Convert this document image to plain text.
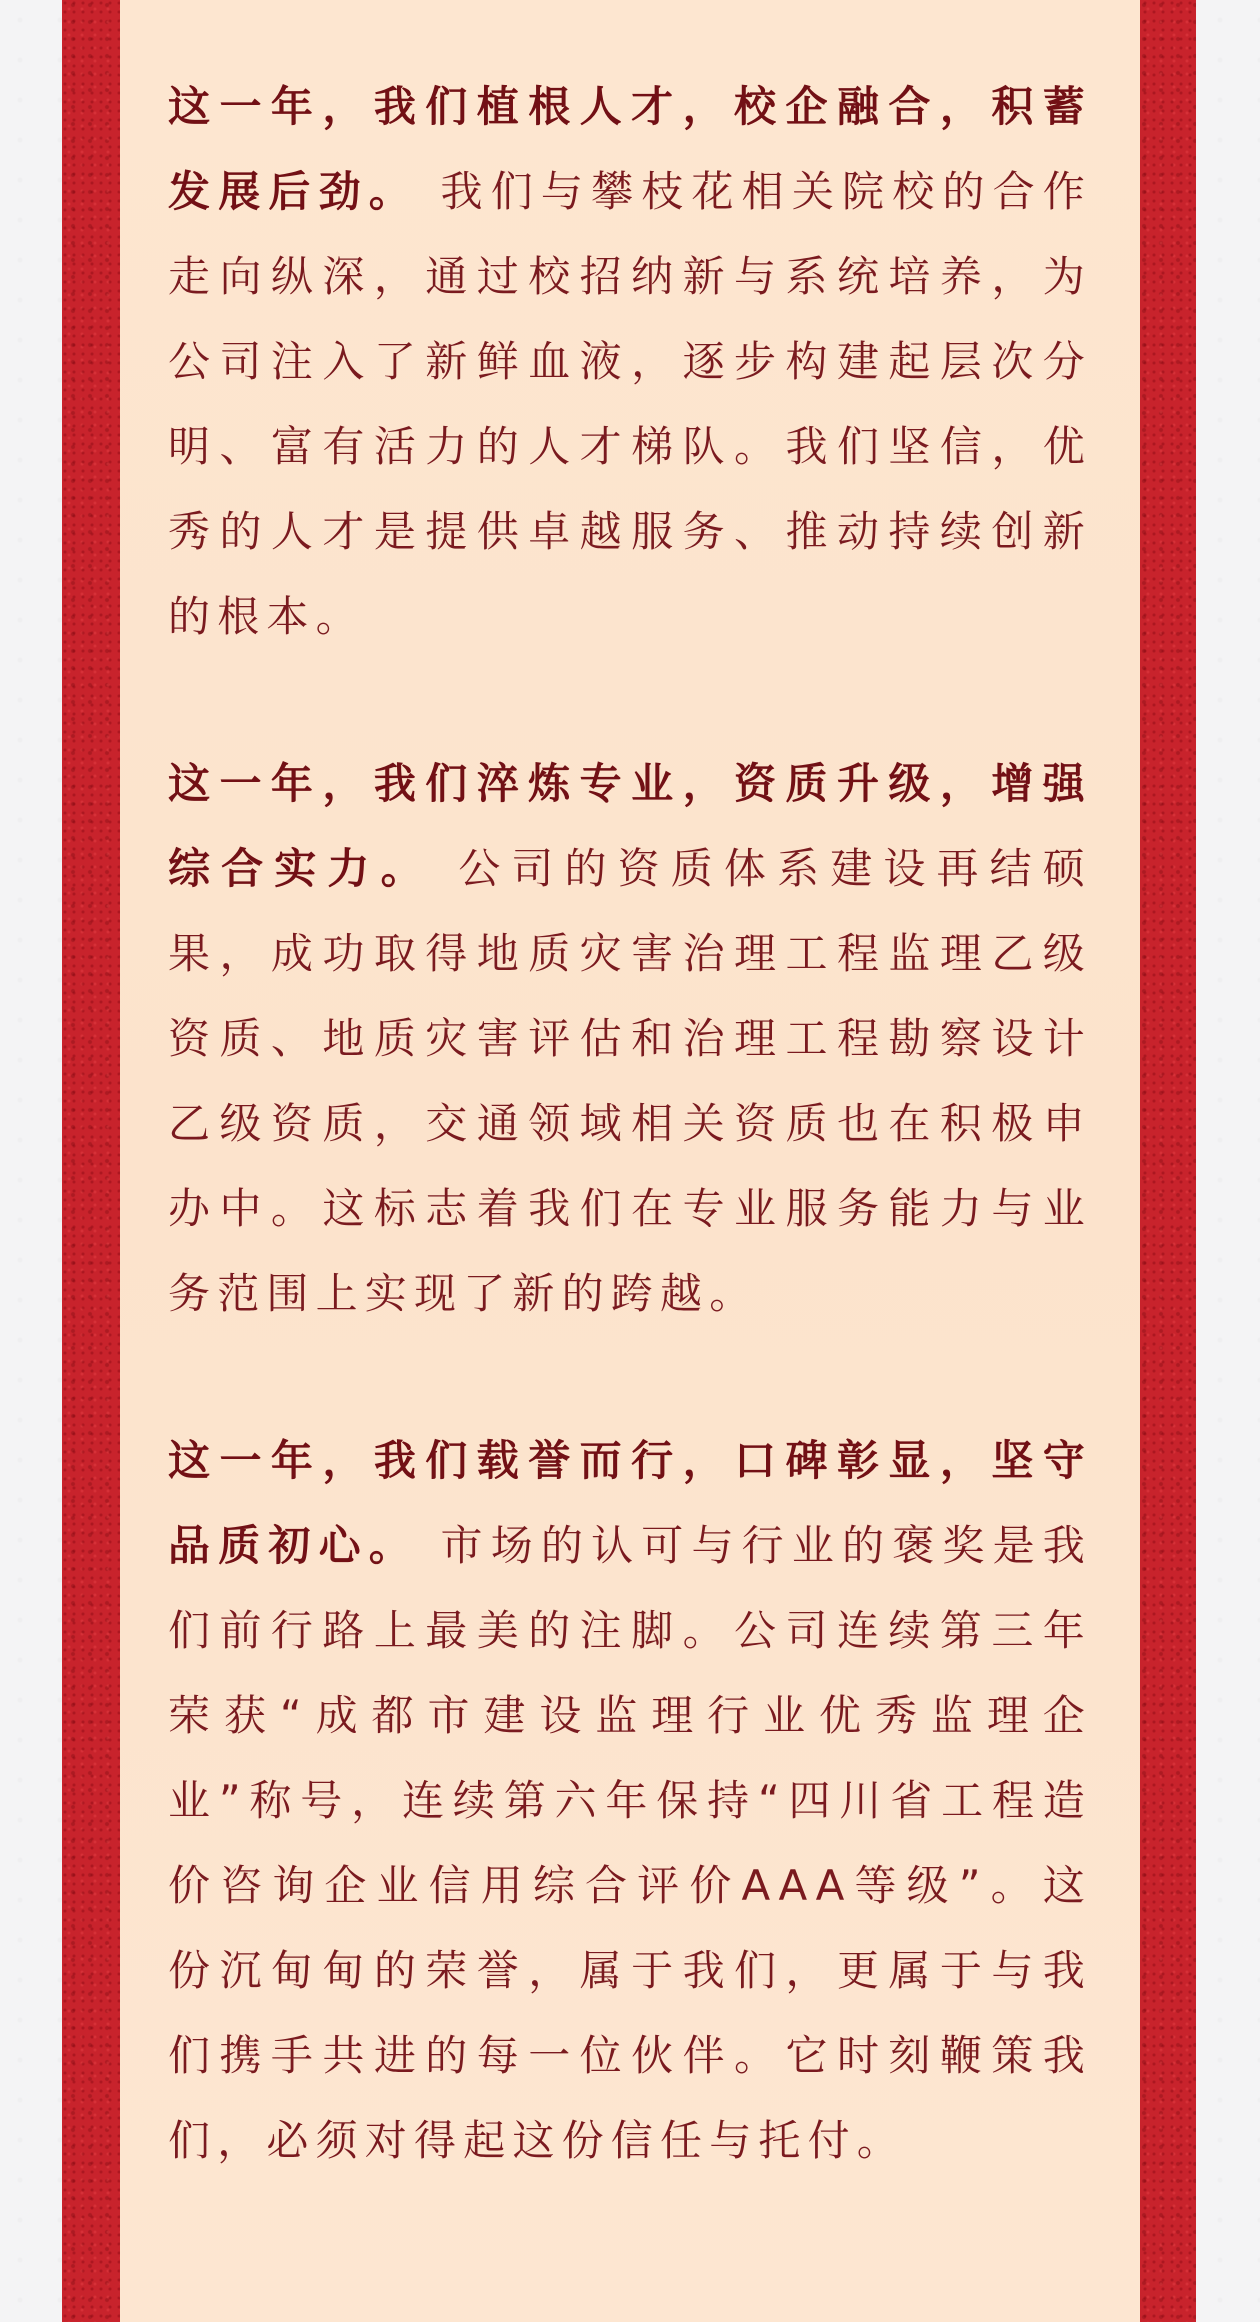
这一年，我们植根人才，校企融合，积蓄发展后劲。 我们与攀枝花相关院校的合作走向纵深，通过校招纳新与系统培养，为公司注入了新鲜血液，逐步构建起层次分明、富有活力的人才梯队。我们坚信，优秀的人才是提供卓越服务、推动持续创新的根本。

这一年，我们淬炼专业，资质升级，增强综合实力。 公司的资质体系建设再结硕果，成功取得地质灾害治理工程监理乙级资质、地质灾害评估和治理工程勘察设计乙级资质，交通领域相关资质也在积极申办中。这标志着我们在专业服务能力与业务范围上实现了新的跨越。

这一年，我们载誉而行，口碑彰显，坚守品质初心。 市场的认可与行业的褒奖是我们前行路上最美的注脚。公司连续第三年荣获“成都市建设监理行业优秀监理企业”称号，连续第六年保持“四川省工程造价咨询企业信用综合评价AAA等级”。这份沉甸甸的荣誉，属于我们，更属于与我们携手共进的每一位伙伴。它时刻鞭策我们，必须对得起这份信任与托付。
